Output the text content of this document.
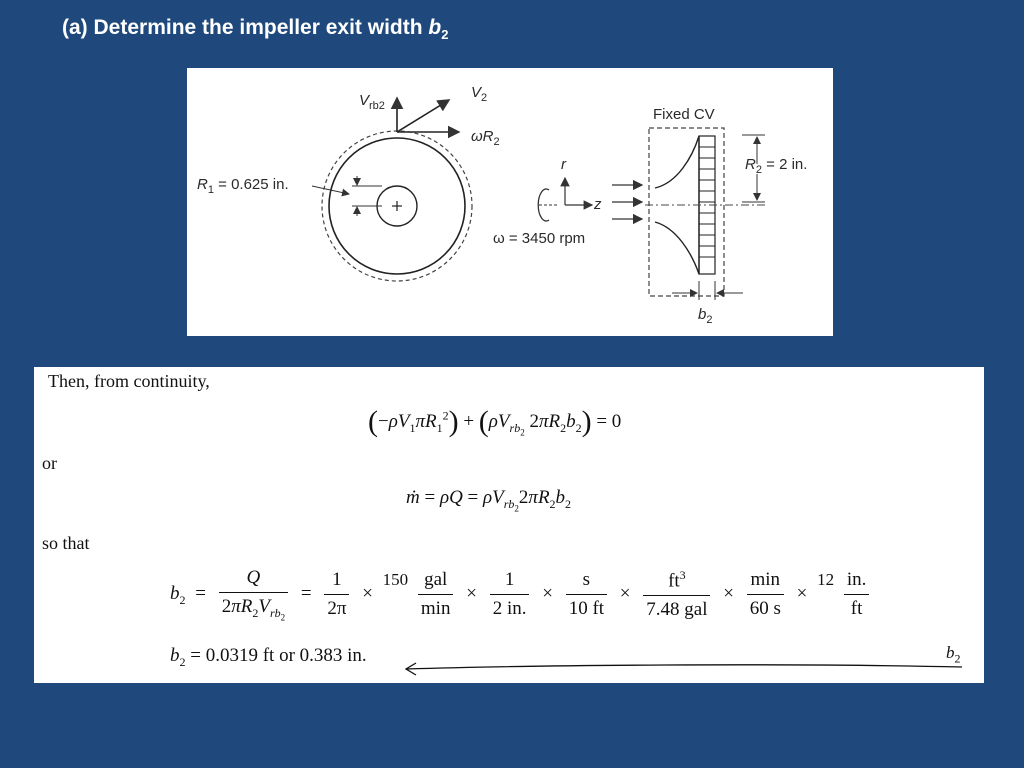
(a) Determine the impeller exit width $b_2$
$V_{rb2}$
$V_2$
$\omega R_2$
$R_1 = 0.625$ in.
r
z
ω = 3450 rpm
Fixed CV
$R_2 = 2$ in.
$b_2$
Then, from continuity,
$(-\rho V_1\pi R_1^2) + (\rho V_{rb_2}$ $2\pi R_2b_2) = 0$
or
ṁ = $\rho Q = \rho V_{rb_2}2\pi R_2b_2$
so that
$b_2 = \frac{Q}{2\pi R_2V_{rb_2}} = \frac{1}{2\pi} \times 150 \frac{\text{gal}}{\min} \times \frac{1}{2 in.} \times \frac{s}{10 ft} \times \frac{ft^3}{\text{7.48 gal}} \times \frac{\min}{60 s} \times 12 \frac{in.}{ft}$
$b_2 = 0.0319$ ft or 0.383 in.	$b_2$
